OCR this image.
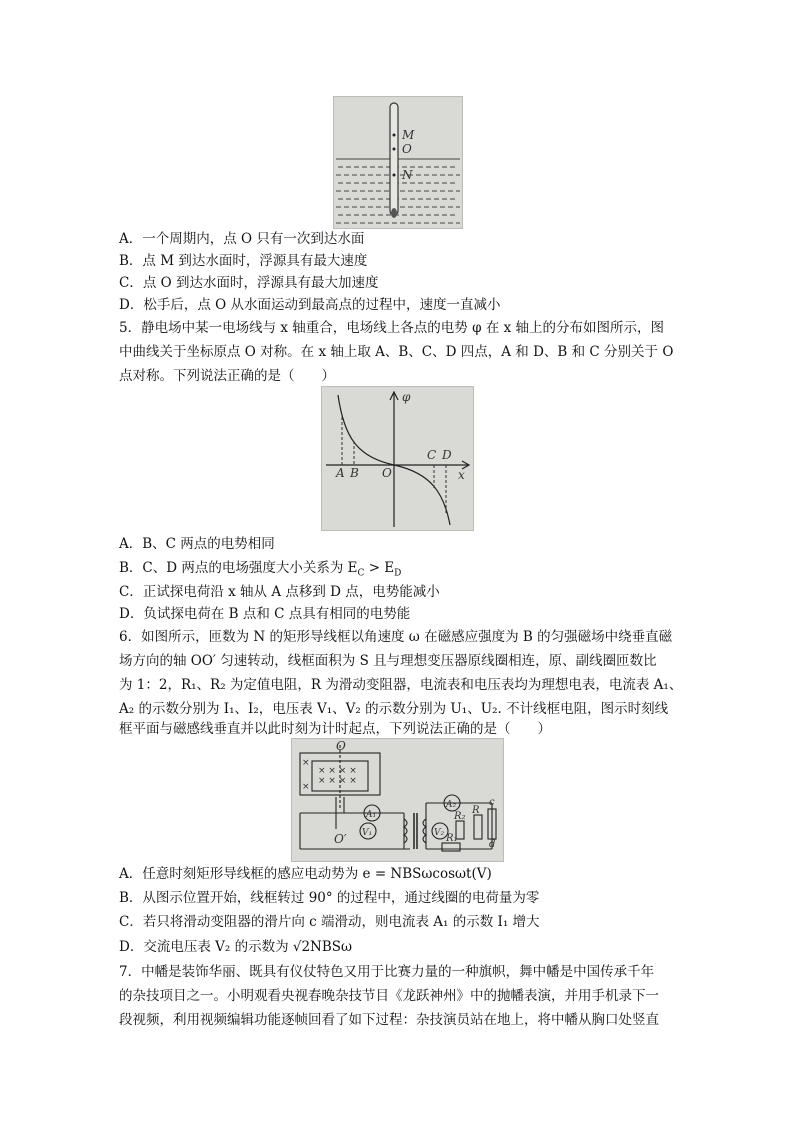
M
O
N
A．一个周期内，点 O 只有一次到达水面
B．点 M 到达水面时，浮源具有最大速度
C．点 O 到达水面时，浮源具有最大加速度
D．松手后，点 O 从水面运动到最高点的过程中，速度一直减小
5．静电场中某一电场线与 x 轴重合，电场线上各点的电势 φ 在 x 轴上的分布如图所示，图
中曲线关于坐标原点 O 对称。在 x 轴上取 A、B、C、D 四点，A 和 D、B 和 C 分别关于 O
点对称。下列说法正确的是（　　）
φ
x
A B O
C D
A．B、C 两点的电势相同
B．C、D 两点的电场强度大小关系为 $E_C > E_D$
C．正试探电荷沿 x 轴从 A 点移到 D 点，电势能减小
D．负试探电荷在 B 点和 C 点具有相同的电势能
6．如图所示，匝数为 N 的矩形导线框以角速度 ω 在磁感应强度为 B 的匀强磁场中绕垂直磁
场方向的轴 OO′ 匀速转动，线框面积为 S 且与理想变压器原线圈相连，原、副线圈匝数比
为 1：2，R₁、R₂ 为定值电阻，R 为滑动变阻器，电流表和电压表均为理想电表，电流表 A₁、
A₂ 的示数分别为 I₁、I₂，电压表 V₁、V₂ 的示数分别为 U₁、U₂. 不计线框电阻，图示时刻线
框平面与磁感线垂直并以此时刻为计时起点，下列说法正确的是（　　）
× × × ×
× × × ×
×
×
O
O′
A₁
V₁
A₂
V₂
R₂
R
R₁
c
d
A．任意时刻矩形导线框的感应电动势为 e = NBSωcosωt(V)
B．从图示位置开始，线框转过 90° 的过程中，通过线圈的电荷量为零
C．若只将滑动变阻器的滑片向 c 端滑动，则电流表 A₁ 的示数 I₁ 增大
D．交流电压表 V₂ 的示数为 √2NBSω
7．中幡是装饰华丽、既具有仪仗特色又用于比赛力量的一种旗帜，舞中幡是中国传承千年
的杂技项目之一。小明观看央视春晚杂技节目《龙跃神州》中的抛幡表演，并用手机录下一
段视频，利用视频编辑功能逐帧回看了如下过程：杂技演员站在地上，将中幡从胸口处竖直
